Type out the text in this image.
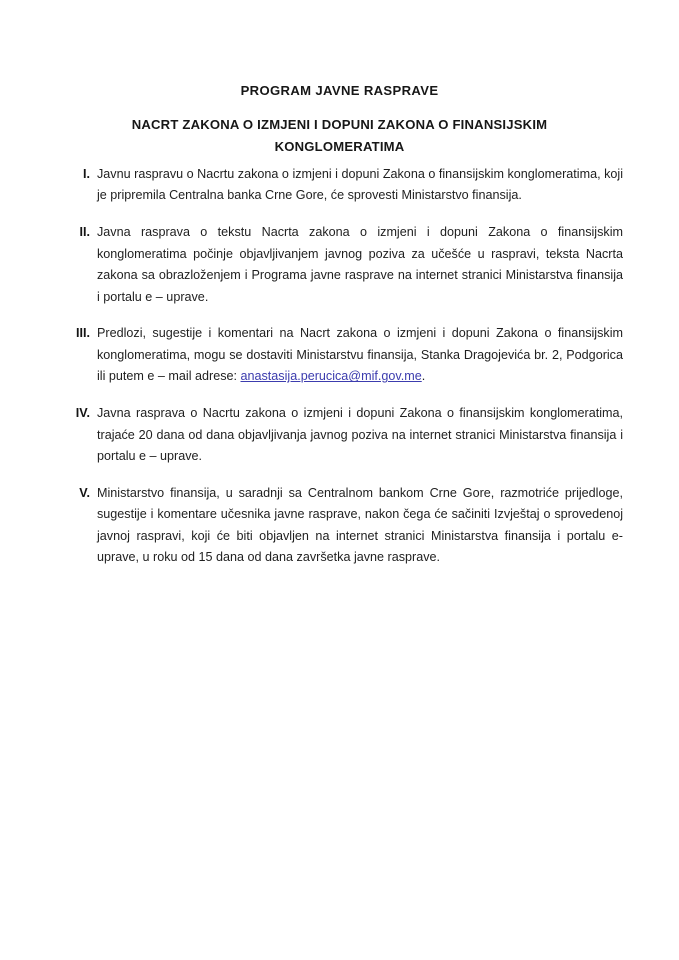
PROGRAM JAVNE RASPRAVE

NACRT ZAKONA O IZMJENI I DOPUNI ZAKONA O FINANSIJSKIM KONGLOMERATIMA

I. Javnu raspravu o Nacrtu zakona o izmjeni i dopuni Zakona o finansijskim konglomeratima, koji je pripremila Centralna banka Crne Gore, će sprovesti Ministarstvo finansija.
II. Javna rasprava o tekstu Nacrta zakona o izmjeni i dopuni Zakona o finansijskim konglomeratima počinje objavljivanjem javnog poziva za učešće u raspravi, teksta Nacrta zakona sa obrazloženjem i Programa javne rasprave na internet stranici Ministarstva finansija i portalu e – uprave.
III. Predlozi, sugestije i komentari na Nacrt zakona o izmjeni i dopuni Zakona o finansijskim konglomeratima, mogu se dostaviti Ministarstvu finansija, Stanka Dragojevića br. 2, Podgorica ili putem e – mail adrese: anastasija.perucica@mif.gov.me.
IV. Javna rasprava o Nacrtu zakona o izmjeni i dopuni Zakona o finansijskim konglomeratima, trajaće 20 dana od dana objavljivanja javnog poziva na internet stranici Ministarstva finansija i portalu e – uprave.
V. Ministarstvo finansija, u saradnji sa Centralnom bankom Crne Gore, razmotriće prijedloge, sugestije i komentare učesnika javne rasprave, nakon čega će sačiniti Izvještaj o sprovedenoj javnoj raspravi, koji će biti objavljen na internet stranici Ministarstva finansija i portalu e-uprave, u roku od 15 dana od dana završetka javne rasprave.
